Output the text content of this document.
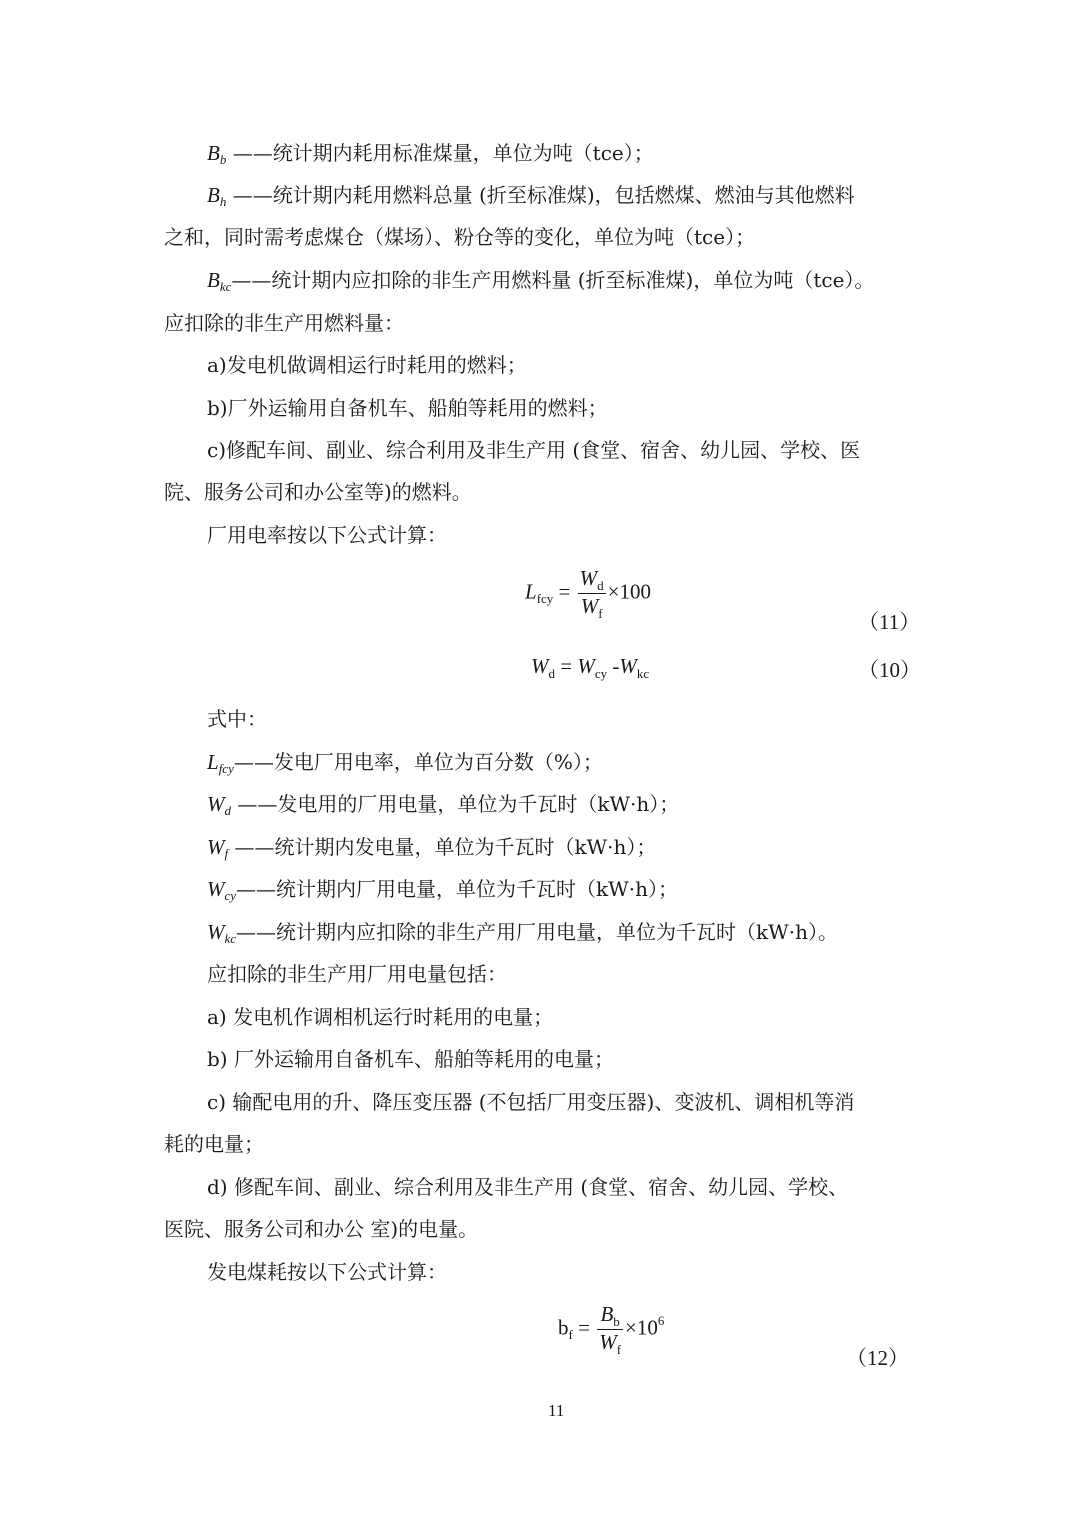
$B_b$ ——统计期内耗用标准煤量，单位为吨（tce）；
$B_h$ ——统计期内耗用燃料总量 (折至标准煤)，包括燃煤、燃油与其他燃料
之和，同时需考虑煤仓（煤场）、粉仓等的变化，单位为吨（tce）；
$B_{kc}——$统计期内应扣除的非生产用燃料量 (折至标准煤)，单位为吨（tce）。
应扣除的非生产用燃料量：
a)发电机做调相运行时耗用的燃料；
b)厂外运输用自备机车、船舶等耗用的燃料；
c)修配车间、副业、综合利用及非生产用 (食堂、宿舍、幼儿园、学校、医
院、服务公司和办公室等)的燃料。
厂用电率按以下公式计算：
$L_{fcy} = \frac{W_d}{W_f} \times 100$
（11）
$W_d = W_{cy}$ $-W_{kc}$	（10）
式中：
$L_{fcy}——$发电厂用电率，单位为百分数（%）；
$W_d$ ——发电用的厂用电量，单位为千瓦时（kW·h）；
$W_f$ ——统计期内发电量，单位为千瓦时（kW·h）；
$W_{cy}——$统计期内厂用电量，单位为千瓦时（kW·h）；
$W_{kc}——$统计期内应扣除的非生产用厂用电量，单位为千瓦时（kW·h）。
应扣除的非生产用厂用电量包括：
a) 发电机作调相机运行时耗用的电量；
b) 厂外运输用自备机车、船舶等耗用的电量；
c) 输配电用的升、降压变压器 (不包括厂用变压器)、变波机、调相机等消
耗的电量；
d) 修配车间、副业、综合利用及非生产用 (食堂、宿舍、幼儿园、学校、
医院、服务公司和办公 室)的电量。
发电煤耗按以下公式计算：
$b_f = \frac{B_b}{W_f} \times 10^6$
（12）
11
